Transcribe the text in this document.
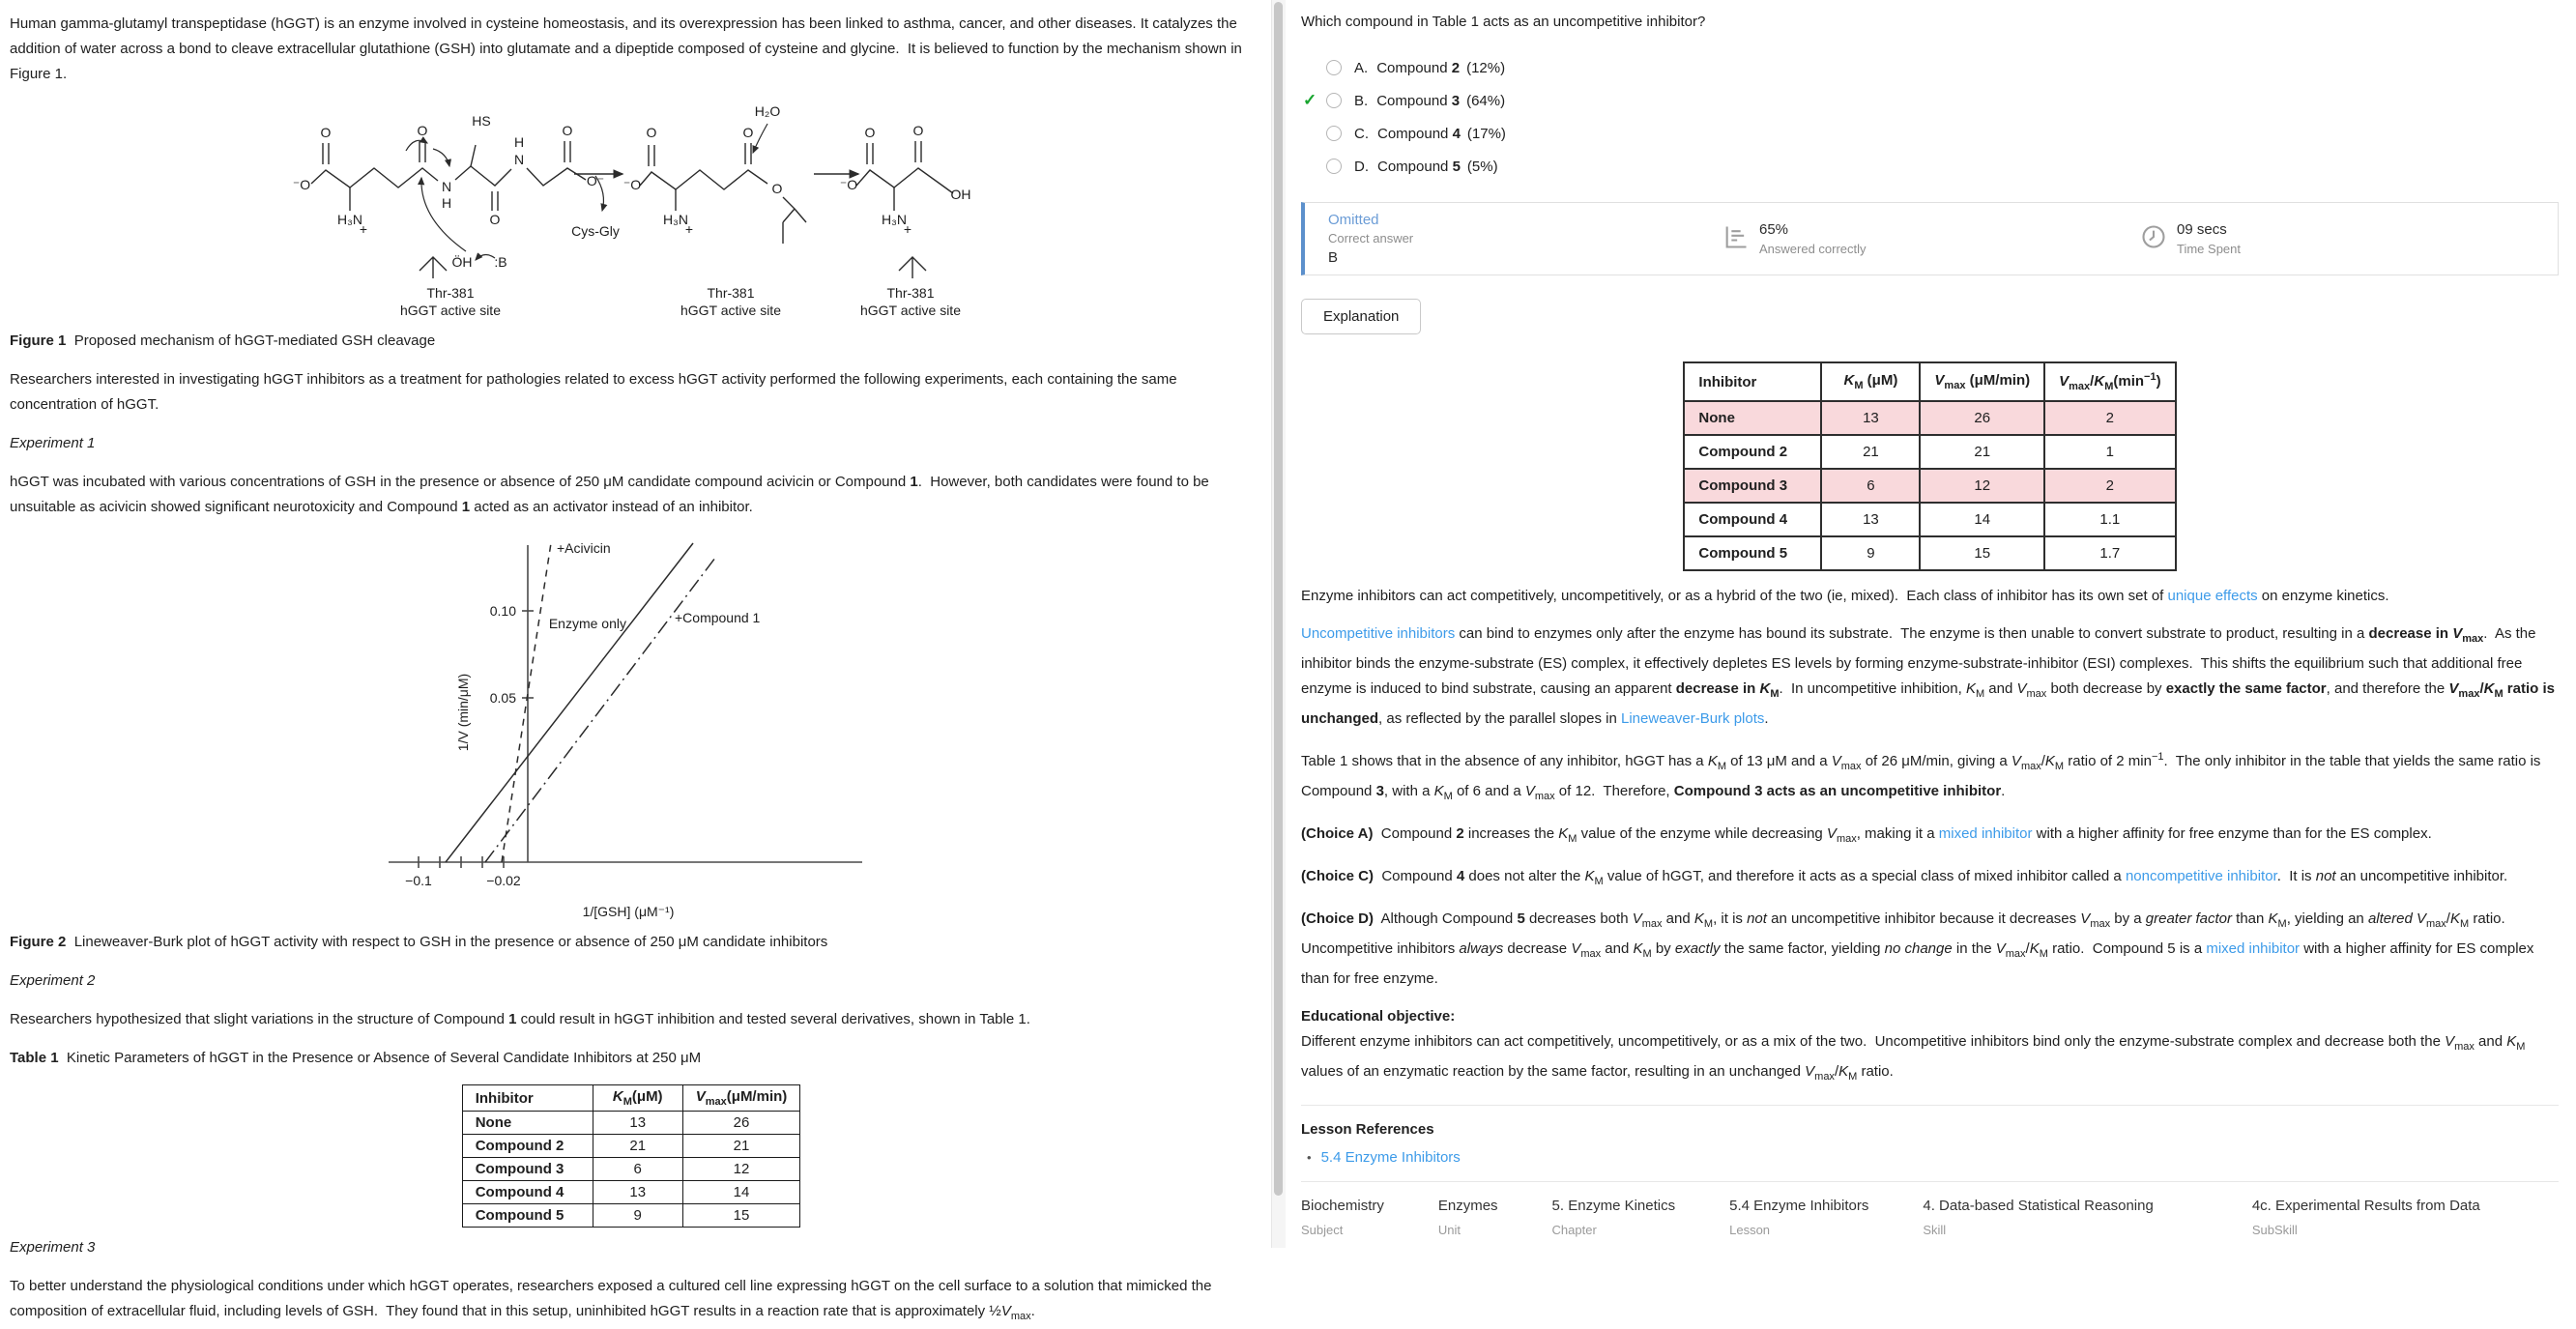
Human gamma-glutamyl transpeptidase (hGGT) is an enzyme involved in cysteine homeostasis, and its overexpression has been linked to asthma, cancer, and other diseases. It catalyzes the addition of water across a bond to cleave extracellular glutathione (GSH) into glutamate and a dipeptide composed of cysteine and glycine.  It is believed to function by the mechanism shown in Figure 1.

O
⁻O
O
HS
N
H
H₃N
+
O
H
N
O
O⁻
ÖH :B
Thr-381
hGGT active site
Cys-Gly
O
⁻O
O
O
H₃N
+
H₂O
Thr-381
hGGT active site
O
⁻O
O
H₃N
+
OH
Thr-381
hGGT active site

Figure 1  Proposed mechanism of hGGT-mediated GSH cleavage

Researchers interested in investigating hGGT inhibitors as a treatment for pathologies related to excess hGGT activity performed the following experiments, each containing the same concentration of hGGT.

Experiment 1

hGGT was incubated with various concentrations of GSH in the presence or absence of 250 μM candidate compound acivicin or Compound 1.  However, both candidates were found to be unsuitable as acivicin showed significant neurotoxicity and Compound 1 acted as an activator instead of an inhibitor.

0.10
0.05
−0.1	−0.02
+Acivicin
Enzyme only	+Compound 1
1/[GSH] (μM⁻¹)
1/V (min/μM)

Figure 2  Lineweaver-Burk plot of hGGT activity with respect to GSH in the presence or absence of 250 μM candidate inhibitors

Experiment 2

Researchers hypothesized that slight variations in the structure of Compound 1 could result in hGGT inhibition and tested several derivatives, shown in Table 1.

Table 1  Kinetic Parameters of hGGT in the Presence or Absence of Several Candidate Inhibitors at 250 μM

Inhibitor	$K_M(\mu M)$	$V_{max}(\mu M/\min)$
None	13	26
Compound 2	21	21
Compound 3	6	12
Compound 4	13	14
Compound 5	9	15

Experiment 3

To better understand the physiological conditions under which hGGT operates, researchers exposed a cultured cell line expressing hGGT on the cell surface to a solution that mimicked the composition of extracellular fluid, including levels of GSH.  They found that in this setup, uninhibited hGGT results in a reaction rate that is approximately $\frac{1}{2}V_{max}$.

Which compound in Table 1 acts as an uncompetitive inhibitor?
A. Compound 2 (12%)
✓	B. Compound 3 (64%)
C. Compound 4 (17%)
D. Compound 5 (5%)
Omitted
Correct answer
B
65%
Answered correctly
09 secs
Time Spent
Explanation
Inhibitor	$K_M$ (μM)	$V_{max}$ (μM/min)	$V_{max}/K_M(\min^{-1})$
None	13	26	2
Compound 2	21	21	1
Compound 3	6	12	2
Compound 4	13	14	1.1
Compound 5	9	15	1.7

Enzyme inhibitors can act competitively, uncompetitively, or as a hybrid of the two (ie, mixed).  Each class of inhibitor has its own set of unique effects on enzyme kinetics.

Uncompetitive inhibitors can bind to enzymes only after the enzyme has bound its substrate.  The enzyme is then unable to convert substrate to product, resulting in a decrease in $V_{max}$.  As the inhibitor binds the enzyme-substrate (ES) complex, it effectively depletes ES levels by forming enzyme-substrate-inhibitor (ESI) complexes.  This shifts the equilibrium such that additional free enzyme is induced to bind substrate, causing an apparent decrease in $K_M$.  In uncompetitive inhibition, $K_M$ and $V_{max}$ both decrease by exactly the same factor, and therefore the $V_{max}/K_M$ ratio is unchanged, as reflected by the parallel slopes in Lineweaver-Burk plots.

Table 1 shows that in the absence of any inhibitor, hGGT has a $K_M$ of 13 μM and a $V_{max}$ of 26 μM/min, giving a $V_{max}/K_M$ ratio of 2 $\min^{-1}$.  The only inhibitor in the table that yields the same ratio is Compound 3, with a $K_M$ of 6 and a $V_{max}$ of 12.  Therefore, Compound 3 acts as an uncompetitive inhibitor.

(Choice A)  Compound 2 increases the $K_M$ value of the enzyme while decreasing $V_{max}$, making it a mixed inhibitor with a higher affinity for free enzyme than for the ES complex.

(Choice C)  Compound 4 does not alter the $K_M$ value of hGGT, and therefore it acts as a special class of mixed inhibitor called a noncompetitive inhibitor.  It is not an uncompetitive inhibitor.

(Choice D)  Although Compound 5 decreases both $V_{max}$ and $K_M$, it is not an uncompetitive inhibitor because it decreases $V_{max}$ by a greater factor than $K_M$, yielding an altered $V_{max}/K_M$ ratio. Uncompetitive inhibitors always decrease $V_{max}$ and $K_M$ by exactly the same factor, yielding no change in the $V_{max}/K_M$ ratio.  Compound 5 is a mixed inhibitor with a higher affinity for ES complex than for free enzyme.

Educational objective:
Different enzyme inhibitors can act competitively, uncompetitively, or as a mix of the two.  Uncompetitive inhibitors bind only the enzyme-substrate complex and decrease both the $V_{max}$ and $K_M$ values of an enzymatic reaction by the same factor, resulting in an unchanged $V_{max}/K_M$ ratio.

Lesson References
• 5.4 Enzyme Inhibitors
Biochemistry
Subject
Enzymes
Unit
5. Enzyme Kinetics
Chapter
5.4 Enzyme Inhibitors
Lesson
4. Data-based Statistical Reasoning
Skill
4c. Experimental Results from Data
SubSkill
